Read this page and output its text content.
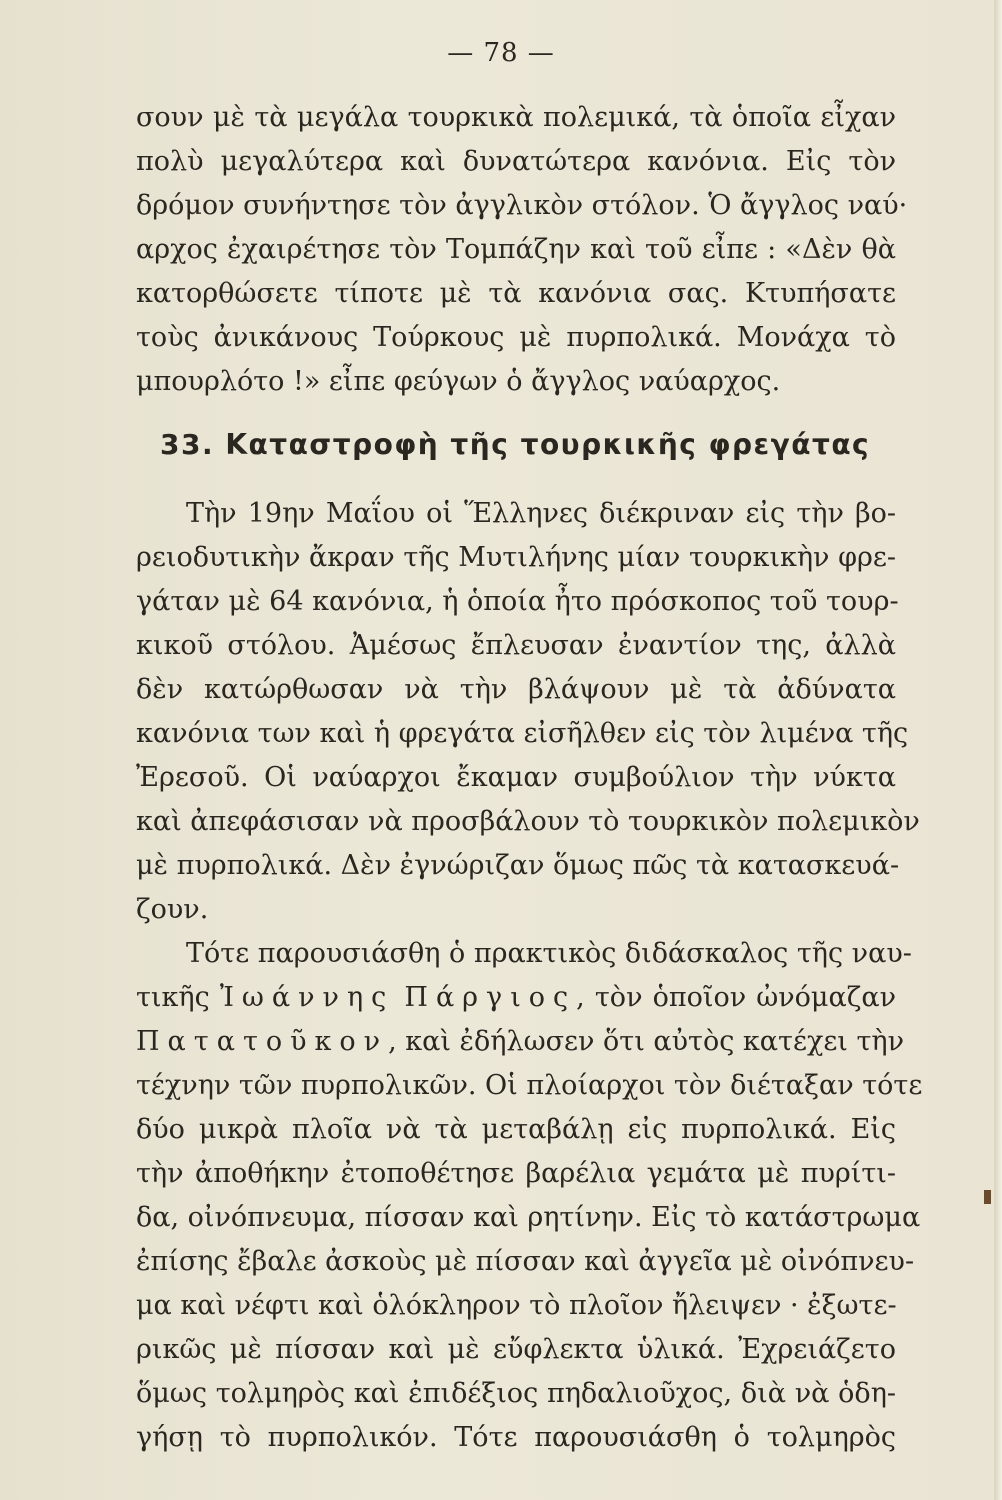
— 78 —
σουν μὲ τὰ μεγάλα τουρκικὰ πολεμικά, τὰ ὁποῖα εἶχαν
πολὺ μεγαλύτερα καὶ δυνατώτερα κανόνια. Εἰς τὸν
δρόμον συνήντησε τὸν ἀγγλικὸν στόλον. Ὁ ἄγγλος ναύ·
αρχος ἐχαιρέτησε τὸν Τομπάζην καὶ τοῦ εἶπε : «Δὲν θὰ
κατορθώσετε τίποτε μὲ τὰ κανόνια σας. Κτυπήσατε
τοὺς ἀνικάνους Τούρκους μὲ πυρπολικά. Μονάχα τὸ
μπουρλότο !» εἶπε φεύγων ὁ ἄγγλος ναύαρχος.
33. Καταστροφὴ τῆς τουρκικῆς φρεγάτας
Τὴν 19ην Μαΐου οἱ Ἕλληνες διέκριναν εἰς τὴν βο-
ρειοδυτικὴν ἄκραν τῆς Μυτιλήνης μίαν τουρκικὴν φρε-
γάταν μὲ 64 κανόνια, ἡ ὁποία ἦτο πρόσκοπος τοῦ τουρ-
κικοῦ στόλου. Ἀμέσως ἔπλευσαν ἐναντίον της, ἀλλὰ
δὲν κατώρθωσαν νὰ τὴν βλάψουν μὲ τὰ ἀδύνατα
κανόνια των καὶ ἡ φρεγάτα εἰσῆλθεν εἰς τὸν λιμένα τῆς
Ἐρεσοῦ. Οἱ ναύαρχοι ἔκαμαν συμβούλιον τὴν νύκτα
καὶ ἀπεφάσισαν νὰ προσβάλουν τὸ τουρκικὸν πολεμικὸν
μὲ πυρπολικά. Δὲν ἐγνώριζαν ὅμως πῶς τὰ κατασκευά-
ζουν.
Τότε παρουσιάσθη ὁ πρακτικὸς διδάσκαλος τῆς ναυ-
τικῆς Ἰωάννης Πάργιος, τὸν ὁποῖον ὠνόμαζαν
Πατατοῦκον, καὶ ἐδήλωσεν ὅτι αὐτὸς κατέχει τὴν
τέχνην τῶν πυρπολικῶν. Οἱ πλοίαρχοι τὸν διέταξαν τότε
δύο μικρὰ πλοῖα νὰ τὰ μεταβάλῃ εἰς πυρπολικά. Εἰς
τὴν ἀποθήκην ἐτοποθέτησε βαρέλια γεμάτα μὲ πυρίτι-
δα, οἰνόπνευμα, πίσσαν καὶ ρητίνην. Εἰς τὸ κατάστρωμα
ἐπίσης ἔβαλε ἀσκοὺς μὲ πίσσαν καὶ ἀγγεῖα μὲ οἰνόπνευ-
μα καὶ νέφτι καὶ ὁλόκληρον τὸ πλοῖον ἤλειψεν · ἐξωτε-
ρικῶς μὲ πίσσαν καὶ μὲ εὔφλεκτα ὑλικά. Ἐχρειάζετο
ὅμως τολμηρὸς καὶ ἐπιδέξιος πηδαλιοῦχος, διὰ νὰ ὁδη-
γήσῃ τὸ πυρπολικόν. Τότε παρουσιάσθη ὁ τολμηρὸς
